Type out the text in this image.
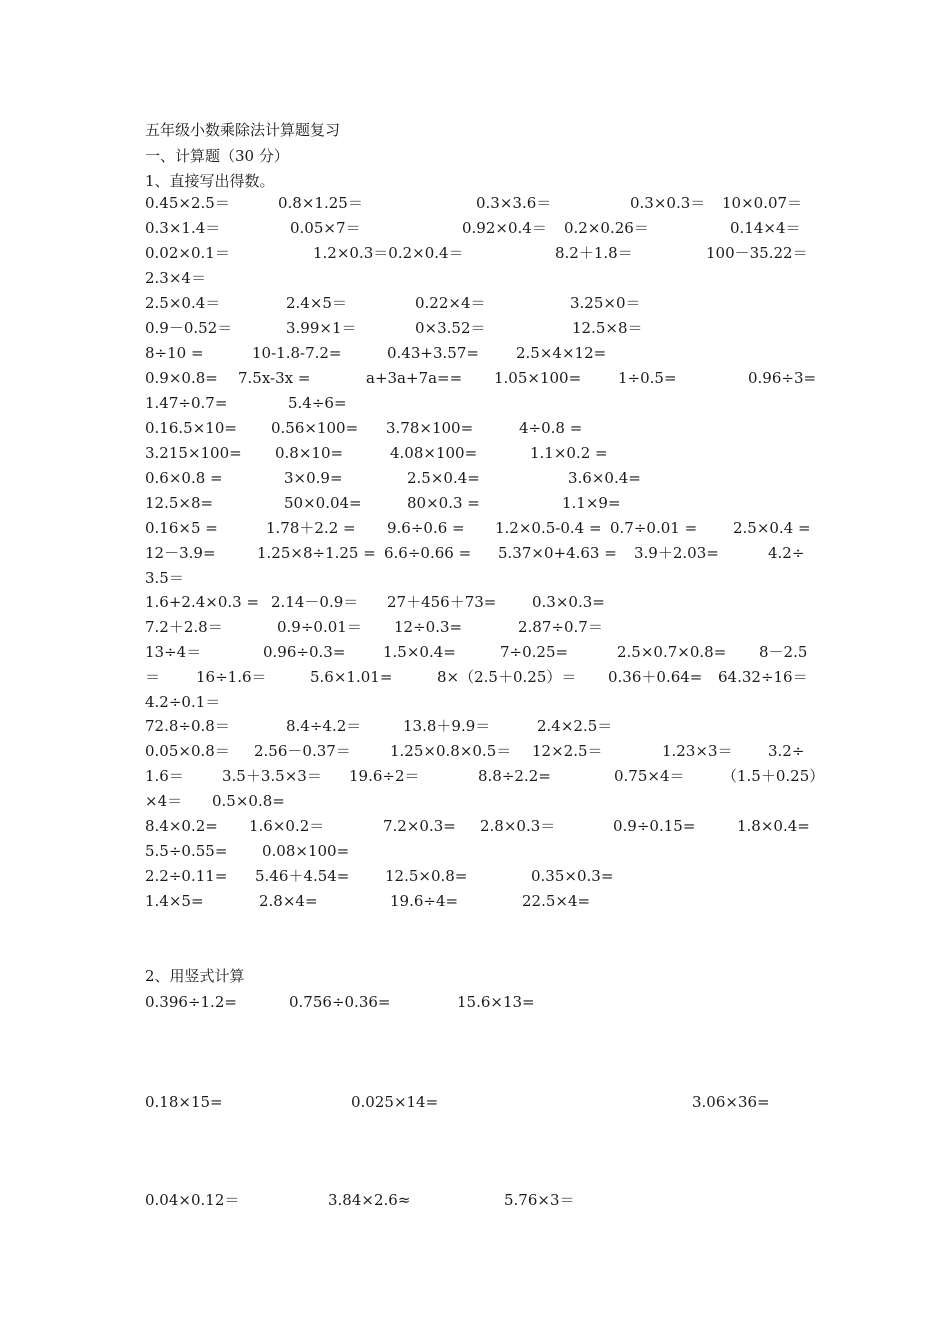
五年级小数乘除法计算题复习
一、计算题（30 分）
1、直接写出得数。
0.45×2.5＝	0.8×1.25＝	0.3×3.6＝	0.3×0.3＝ 10×0.07＝
0.3×1.4＝	0.05×7＝	0.92×0.4＝ 0.2×0.26＝	0.14×4＝
0.02×0.1＝	1.2×0.3＝0.2×0.4＝	8.2＋1.8＝	100－35.22＝
2.3×4＝
2.5×0.4＝	2.4×5＝	0.22×4＝	3.25×0＝
0.9－0.52＝	3.99×1＝	0×3.52＝	12.5×8＝
8÷10 =	10-1.8-7.2=	0.43+3.57= 2.5×4×12=
0.9×0.8= 7.5x-3x =	a+3a+7a== 1.05×100= 1÷0.5=	0.96÷3=
1.47÷0.7=	5.4÷6=
0.16.5×10= 0.56×100= 3.78×100=	4÷0.8 =
3.215×100= 0.8×10=	4.08×100=	1.1×0.2 =
0.6×0.8 =	3×0.9=	2.5×0.4=	3.6×0.4=
12.5×8=	50×0.04=	80×0.3 =	1.1×9=
0.16×5 =	1.78＋2.2 = 9.6÷0.6 = 1.2×0.5-0.4 = 0.7÷0.01 = 2.5×0.4 =
12－3.9=	1.25×8÷1.25 = 6.6÷0.66 = 5.37×0+4.63 = 3.9＋2.03=	4.2÷
3.5＝
1.6+2.4×0.3 = 2.14－0.9＝ 27＋456＋73= 0.3×0.3=
7.2＋2.8＝	0.9÷0.01＝ 12÷0.3=	2.87÷0.7＝
13÷4＝	0.96÷0.3=	1.5×0.4=	7÷0.25=	2.5×0.7×0.8= 8－2.5
＝ 16÷1.6＝	5.6×1.01=	8×（2.5＋0.25）＝ 0.36＋0.64= 64.32÷16＝
4.2÷0.1＝
72.8÷0.8＝	8.4÷4.2＝	13.8＋9.9＝	2.4×2.5＝
0.05×0.8＝ 2.56－0.37＝	1.25×0.8×0.5＝ 12×2.5＝	1.23×3＝ 3.2÷
1.6＝	3.5＋3.5×3＝ 19.6÷2＝	8.8÷2.2=	0.75×4＝ （1.5＋0.25）
×4＝ 0.5×0.8=
8.4×0.2= 1.6×0.2＝	7.2×0.3= 2.8×0.3＝	0.9÷0.15=	1.8×0.4=
5.5÷0.55= 0.08×100=
2.2÷0.11= 5.46＋4.54= 12.5×0.8=	0.35×0.3=
1.4×5=	2.8×4=	19.6÷4=	22.5×4=
2、用竖式计算
0.396÷1.2=	0.756÷0.36=	15.6×13=
0.18×15=	0.025×14=	3.06×36=
0.04×0.12＝	3.84×2.6≈	5.76×3＝
